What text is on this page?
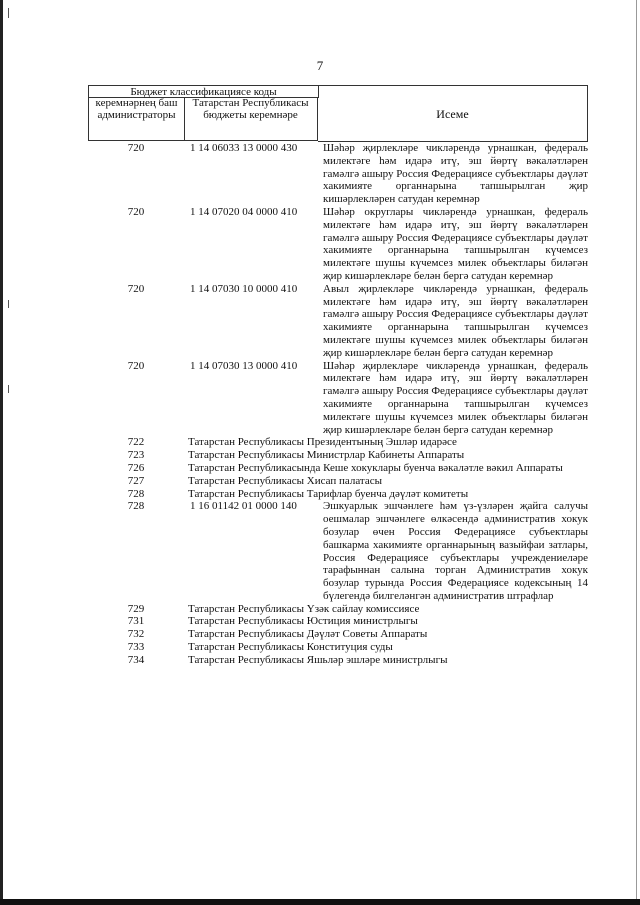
7
Бюджет классификациясе коды
керемнәрнең баш администраторы
Татарстан Республикасы бюджеты керемнәре	Исеме
720	1 14 06033 13 0000 430	Шәһәр җирлекләре чикләрендә урнашкан, федераль милектәге һәм идарә итү, эш йөртү вәкаләтләрен гамәлгә ашыру Россия Федерациясе субъектлары дәүләт хакимияте органнарына тапшырылган җир кишәрлекләрен сатудан керемнәр
720	1 14 07020 04 0000 410	Шәһәр округлары чикләрендә урнашкан, федераль милектәге һәм идарә итү, эш йөртү вәкаләтләрен гамәлгә ашыру Россия Федерациясе субъектлары дәүләт хакимияте органнарына тапшырылган күчемсез милектәге шушы күчемсез милек объектлары биләгән җир кишәрлекләре белән бергә сатудан керемнәр
720	1 14 07030 10 0000 410	Авыл җирлекләре чикләрендә урнашкан, федераль милектәге һәм идарә итү, эш йөртү вәкаләтләрен гамәлгә ашыру Россия Федерациясе субъектлары дәүләт хакимияте органнарына тапшырылган күчемсез милектәге шушы күчемсез милек объектлары биләгән җир кишәрлекләре белән бергә сатудан керемнәр
720	1 14 07030 13 0000 410	Шәһәр җирлекләре чикләрендә урнашкан, федераль милектәге һәм идарә итү, эш йөртү вәкаләтләрен гамәлгә ашыру Россия Федерациясе субъектлары дәүләт хакимияте органнарына тапшырылган күчемсез милектәге шушы күчемсез милек объектлары биләгән җир кишәрлекләре белән бергә сатудан керемнәр
722	Татарстан Республикасы Президентының Эшләр идарәсе
723	Татарстан Республикасы Министрлар Кабинеты Аппараты
726	Татарстан Республикасында Кеше хокуклары буенча вәкаләтле вәкил Аппараты
727	Татарстан Республикасы Хисап палатасы
728	Татарстан Республикасы Тарифлар буенча дәүләт комитеты
728	1 16 01142 01 0000 140	Эшкуарлык эшчәнлеге һәм үз-үзләрен җайга салучы оешмалар эшчәнлеге өлкәсендә административ хокук бозулар өчен Россия Федерациясе субъектлары башкарма хакимияте органнарының вазыйфаи затлары, Россия Федерациясе субъектлары учреждениеләре тарафыннан салына торган Административ хокук бозулар турында Россия Федерациясе кодексының 14 бүлегендә билгеләнгән административ штрафлар
729	Татарстан Республикасы Үзәк сайлау комиссиясе
731	Татарстан Республикасы Юстиция министрлыгы
732	Татарстан Республикасы Дәүләт Советы Аппараты
733	Татарстан Республикасы Конституция суды
734	Татарстан Республикасы Яшьләр эшләре министрлыгы
